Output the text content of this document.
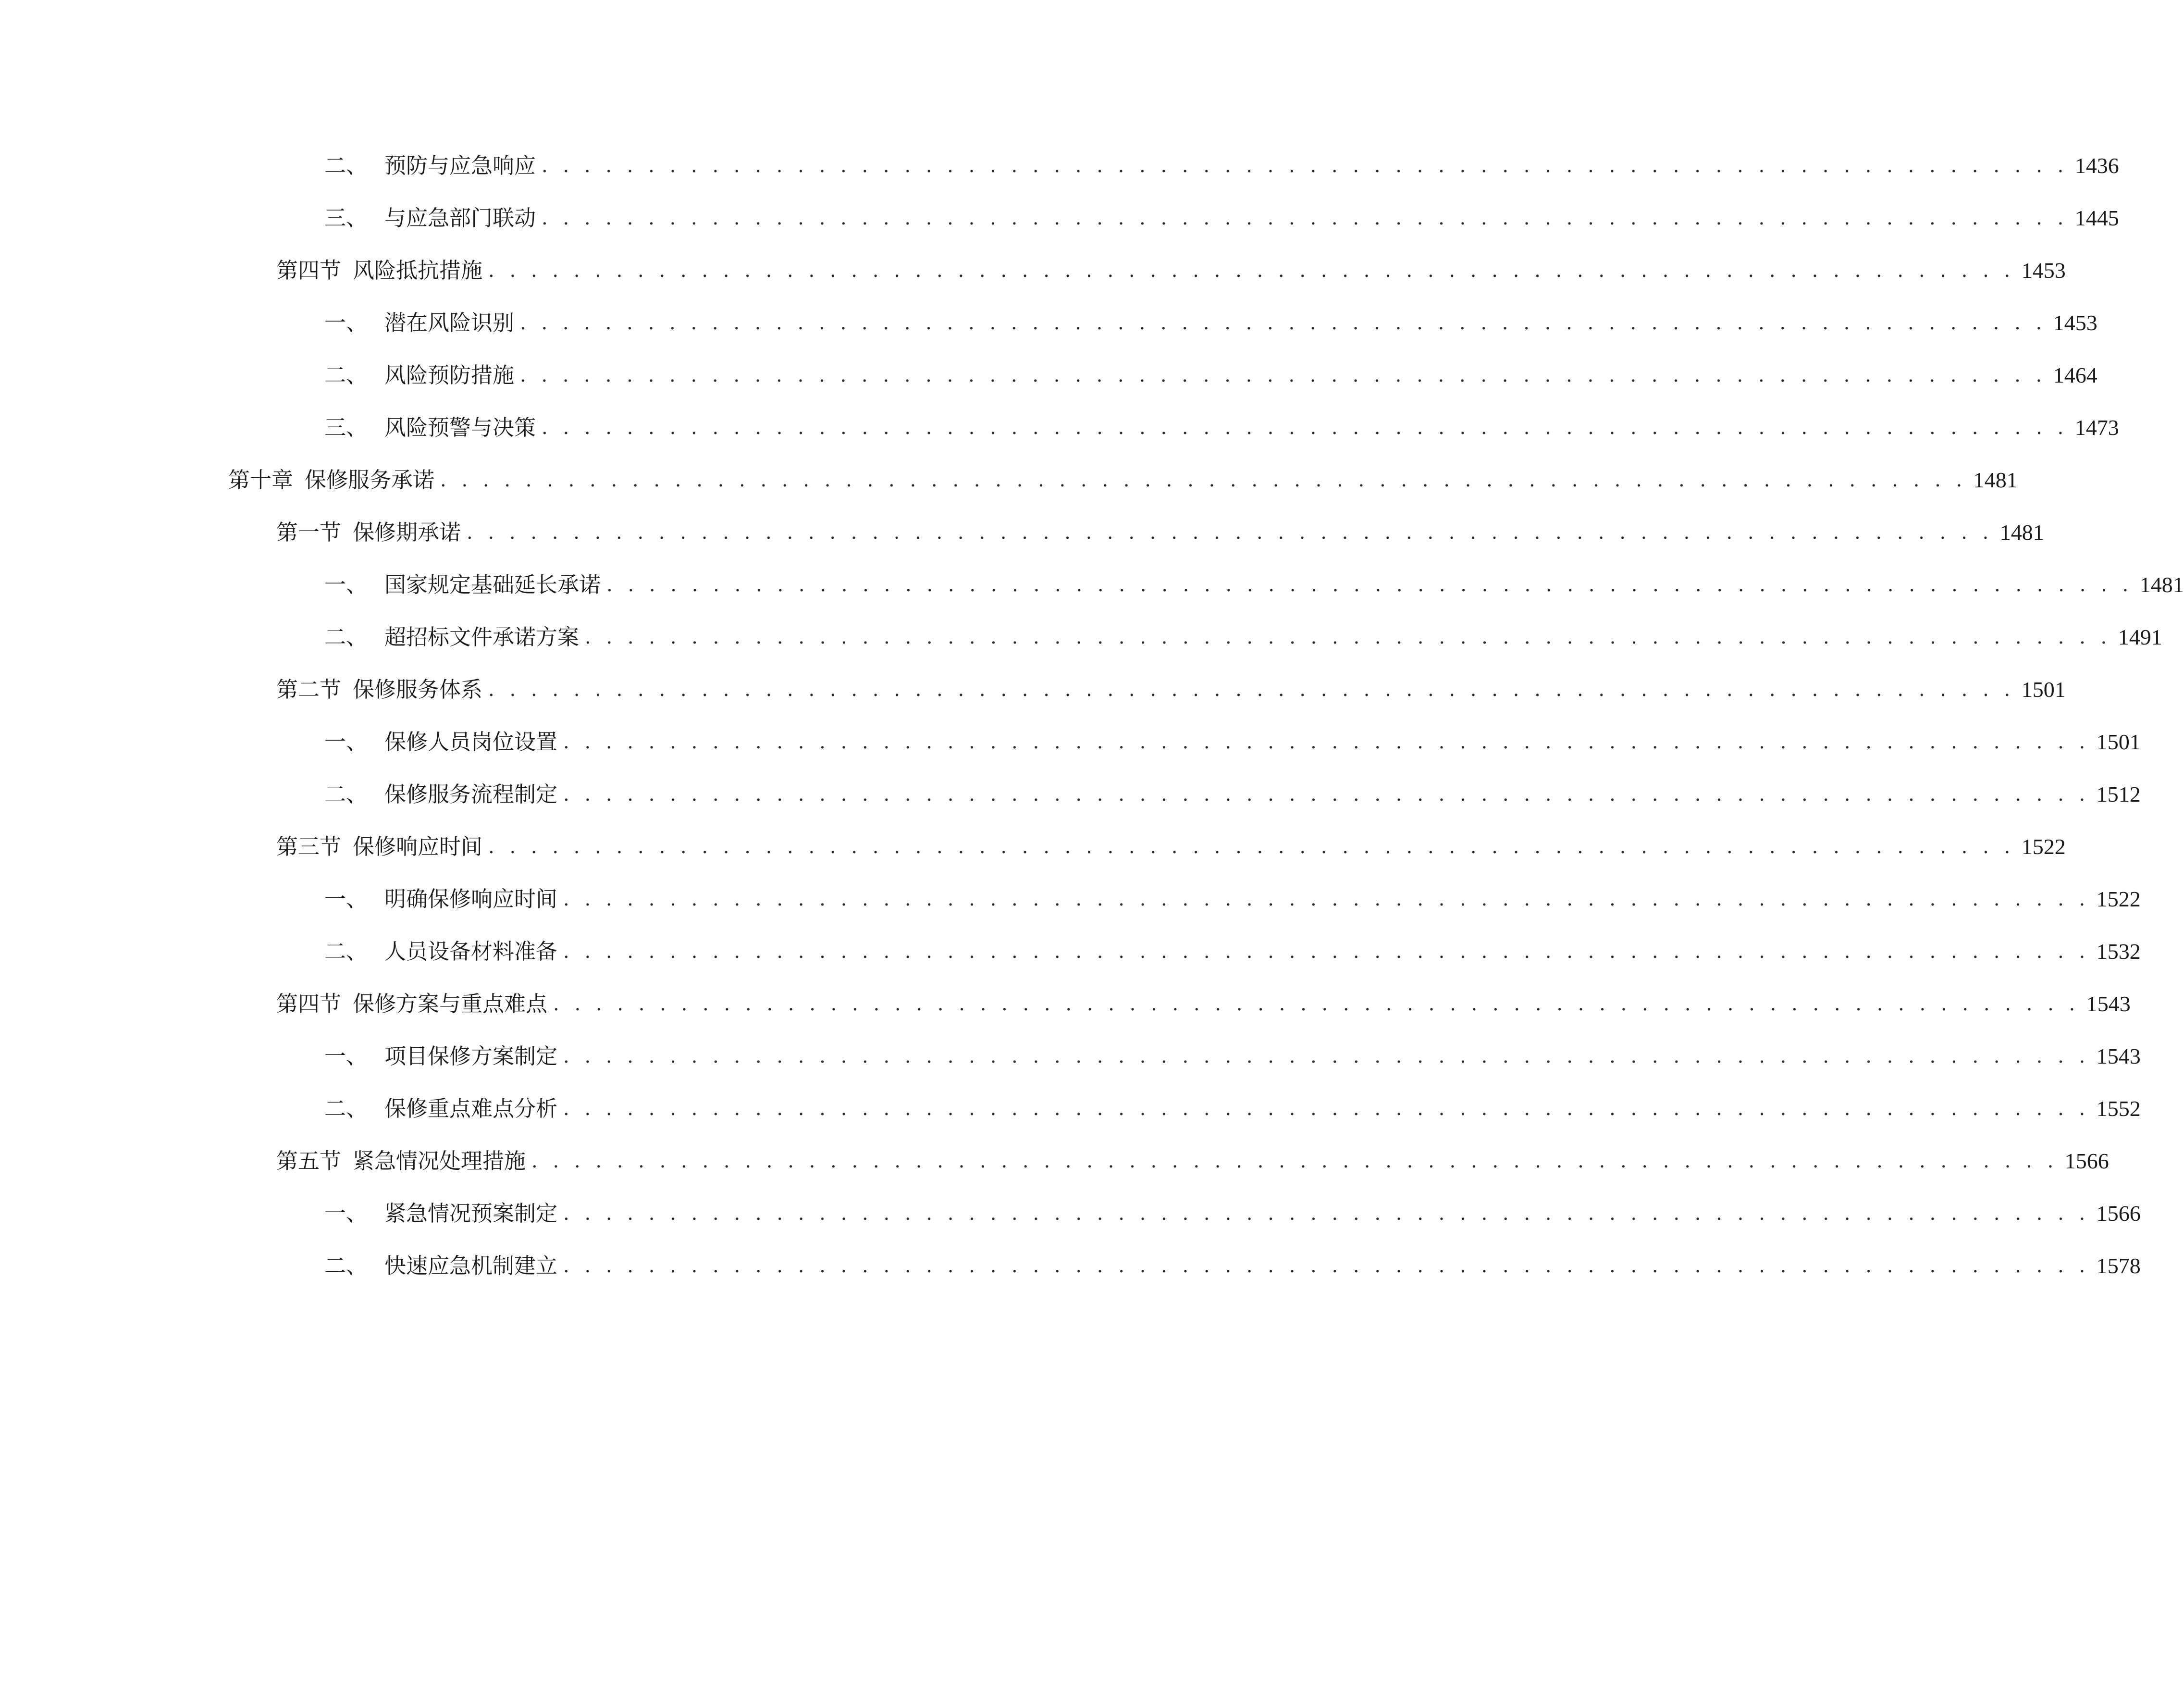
二、 预防与应急响应 . . . . . . . . . . . . . . . . . . . . . . . . . . . . . . . . . . . . . . . . . . . . . . . . . . . . . . . . . . . . . . . . . . . . . . . . 1436
三、 与应急部门联动 . . . . . . . . . . . . . . . . . . . . . . . . . . . . . . . . . . . . . . . . . . . . . . . . . . . . . . . . . . . . . . . . . . . . . . . . 1445
第四节 风险抵抗措施 . . . . . . . . . . . . . . . . . . . . . . . . . . . . . . . . . . . . . . . . . . . . . . . . . . . . . . . . . . . . . . . . . . . . . . . . 1453
一、 潜在风险识别 . . . . . . . . . . . . . . . . . . . . . . . . . . . . . . . . . . . . . . . . . . . . . . . . . . . . . . . . . . . . . . . . . . . . . . . . 1453
二、 风险预防措施 . . . . . . . . . . . . . . . . . . . . . . . . . . . . . . . . . . . . . . . . . . . . . . . . . . . . . . . . . . . . . . . . . . . . . . . . 1464
三、 风险预警与决策 . . . . . . . . . . . . . . . . . . . . . . . . . . . . . . . . . . . . . . . . . . . . . . . . . . . . . . . . . . . . . . . . . . . . . . . . 1473
第十章 保修服务承诺 . . . . . . . . . . . . . . . . . . . . . . . . . . . . . . . . . . . . . . . . . . . . . . . . . . . . . . . . . . . . . . . . . . . . . . . . 1481
第一节 保修期承诺 . . . . . . . . . . . . . . . . . . . . . . . . . . . . . . . . . . . . . . . . . . . . . . . . . . . . . . . . . . . . . . . . . . . . . . . . 1481
一、 国家规定基础延长承诺 . . . . . . . . . . . . . . . . . . . . . . . . . . . . . . . . . . . . . . . . . . . . . . . . . . . . . . . . . . . . . . . . . . . . . . . . 1481
二、 超招标文件承诺方案 . . . . . . . . . . . . . . . . . . . . . . . . . . . . . . . . . . . . . . . . . . . . . . . . . . . . . . . . . . . . . . . . . . . . . . . . 1491
第二节 保修服务体系 . . . . . . . . . . . . . . . . . . . . . . . . . . . . . . . . . . . . . . . . . . . . . . . . . . . . . . . . . . . . . . . . . . . . . . . . 1501
一、 保修人员岗位设置 . . . . . . . . . . . . . . . . . . . . . . . . . . . . . . . . . . . . . . . . . . . . . . . . . . . . . . . . . . . . . . . . . . . . . . . . 1501
二、 保修服务流程制定 . . . . . . . . . . . . . . . . . . . . . . . . . . . . . . . . . . . . . . . . . . . . . . . . . . . . . . . . . . . . . . . . . . . . . . . . 1512
第三节 保修响应时间 . . . . . . . . . . . . . . . . . . . . . . . . . . . . . . . . . . . . . . . . . . . . . . . . . . . . . . . . . . . . . . . . . . . . . . . . 1522
一、 明确保修响应时间 . . . . . . . . . . . . . . . . . . . . . . . . . . . . . . . . . . . . . . . . . . . . . . . . . . . . . . . . . . . . . . . . . . . . . . . . 1522
二、 人员设备材料准备 . . . . . . . . . . . . . . . . . . . . . . . . . . . . . . . . . . . . . . . . . . . . . . . . . . . . . . . . . . . . . . . . . . . . . . . . 1532
第四节 保修方案与重点难点 . . . . . . . . . . . . . . . . . . . . . . . . . . . . . . . . . . . . . . . . . . . . . . . . . . . . . . . . . . . . . . . . . . . . . . . . 1543
一、 项目保修方案制定 . . . . . . . . . . . . . . . . . . . . . . . . . . . . . . . . . . . . . . . . . . . . . . . . . . . . . . . . . . . . . . . . . . . . . . . . 1543
二、 保修重点难点分析 . . . . . . . . . . . . . . . . . . . . . . . . . . . . . . . . . . . . . . . . . . . . . . . . . . . . . . . . . . . . . . . . . . . . . . . . 1552
第五节 紧急情况处理措施 . . . . . . . . . . . . . . . . . . . . . . . . . . . . . . . . . . . . . . . . . . . . . . . . . . . . . . . . . . . . . . . . . . . . . . . . 1566
一、 紧急情况预案制定 . . . . . . . . . . . . . . . . . . . . . . . . . . . . . . . . . . . . . . . . . . . . . . . . . . . . . . . . . . . . . . . . . . . . . . . . 1566
二、 快速应急机制建立 . . . . . . . . . . . . . . . . . . . . . . . . . . . . . . . . . . . . . . . . . . . . . . . . . . . . . . . . . . . . . . . . . . . . . . . . 1578
